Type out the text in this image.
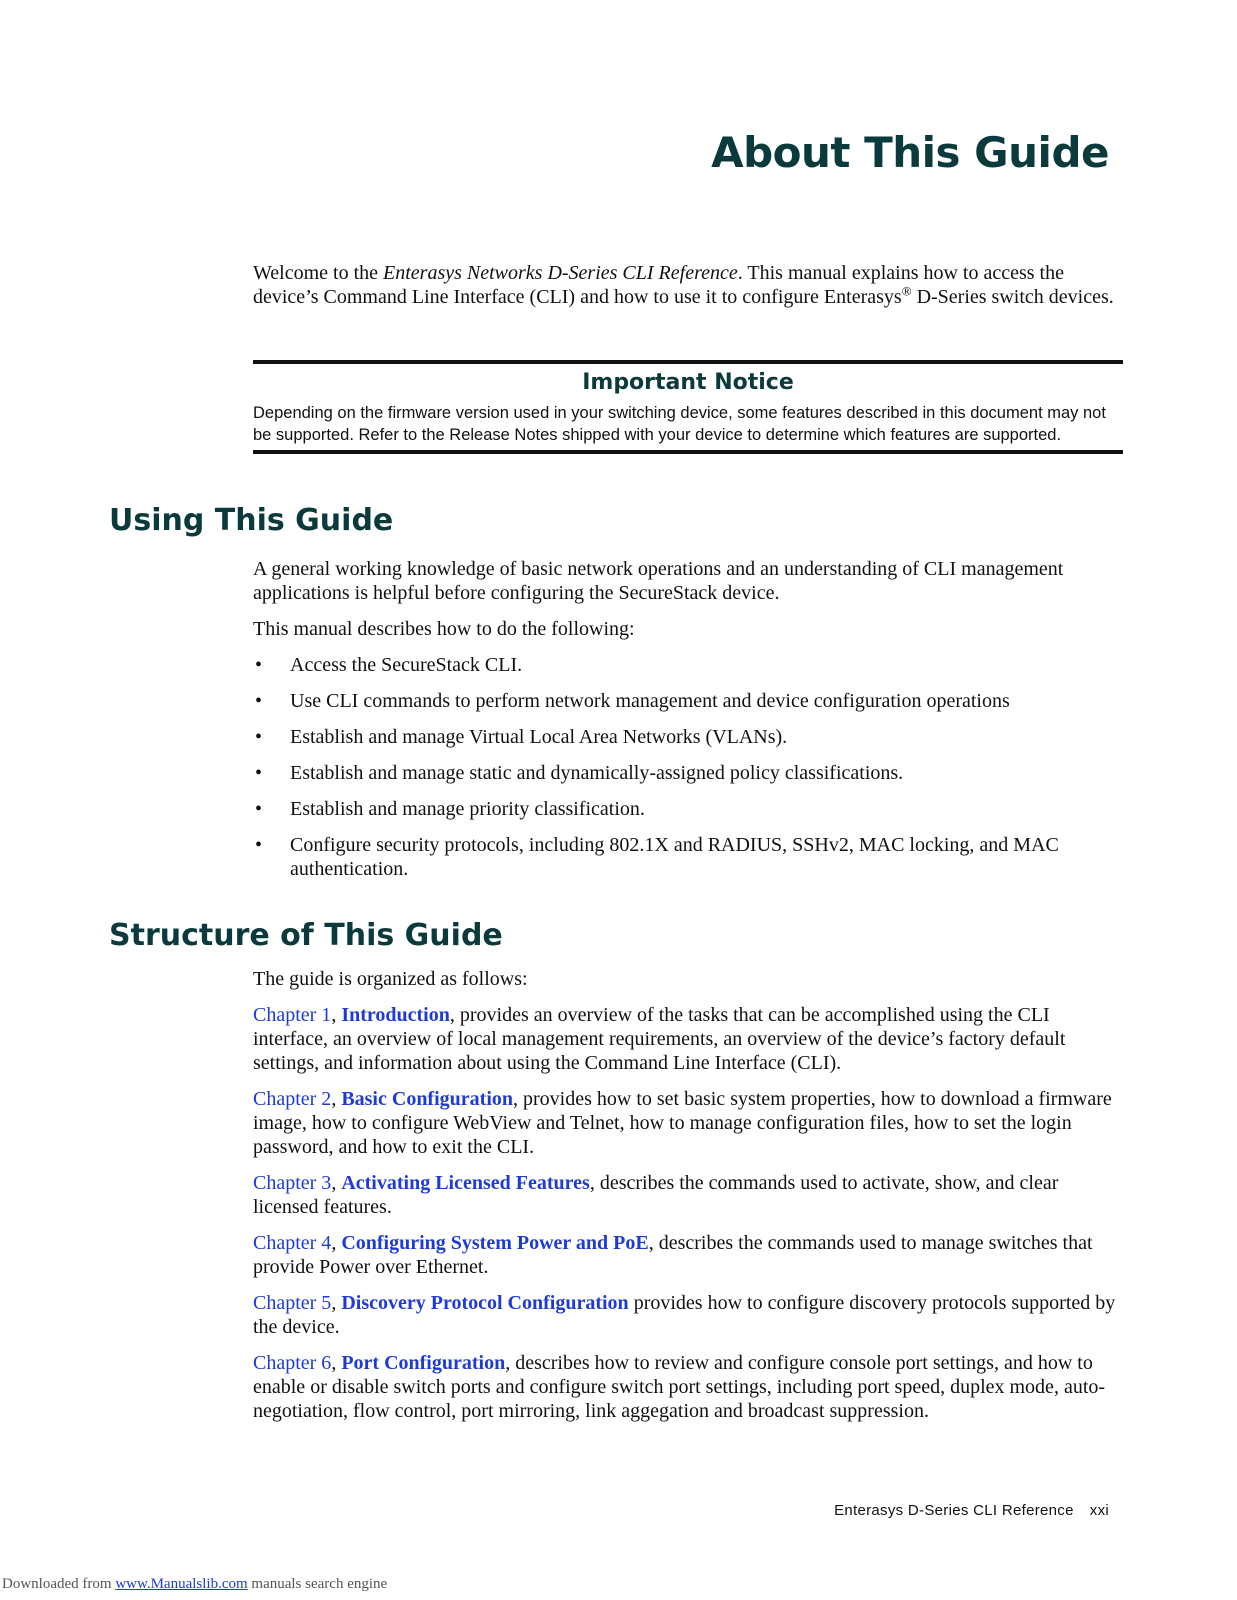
About This Guide

Welcome to the Enterasys Networks D-Series CLI Reference. This manual explains how to access the device’s Command Line Interface (CLI) and how to use it to configure Enterasys® D-Series switch devices.

Important Notice

Depending on the firmware version used in your switching device, some features described in this document may not be supported. Refer to the Release Notes shipped with your device to determine which features are supported.

Using This Guide

A general working knowledge of basic network operations and an understanding of CLI management applications is helpful before configuring the SecureStack device.

This manual describes how to do the following:

• Access the SecureStack CLI.
• Use CLI commands to perform network management and device configuration operations
• Establish and manage Virtual Local Area Networks (VLANs).
• Establish and manage static and dynamically-assigned policy classifications.
• Establish and manage priority classification.
• Configure security protocols, including 802.1X and RADIUS, SSHv2, MAC locking, and MAC authentication.
Structure of This Guide

The guide is organized as follows:

Chapter 1, Introduction, provides an overview of the tasks that can be accomplished using the CLI interface, an overview of local management requirements, an overview of the device’s factory default settings, and information about using the Command Line Interface (CLI).

Chapter 2, Basic Configuration, provides how to set basic system properties, how to download a firmware image, how to configure WebView and Telnet, how to manage configuration files, how to set the login password, and how to exit the CLI.

Chapter 3, Activating Licensed Features, describes the commands used to activate, show, and clear licensed features.

Chapter 4, Configuring System Power and PoE, describes the commands used to manage switches that provide Power over Ethernet.

Chapter 5, Discovery Protocol Configuration provides how to configure discovery protocols supported by the device.

Chapter 6, Port Configuration, describes how to review and configure console port settings, and how to enable or disable switch ports and configure switch port settings, including port speed, duplex mode, auto-negotiation, flow control, port mirroring, link aggegation and broadcast suppression.

Enterasys D-Series CLI Reference xxi
Downloaded from www.Manualslib.com manuals search engine
